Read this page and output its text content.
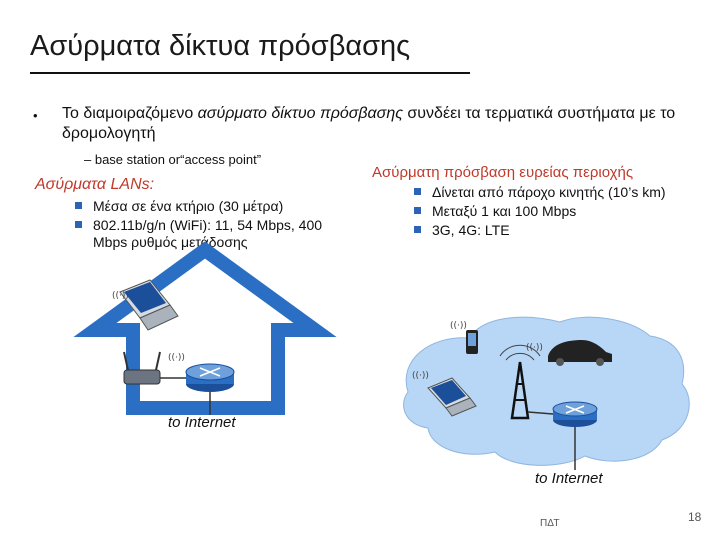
Ασύρματα δίκτυα πρόσβασης
• Το διαμοιραζόμενο ασύρματο δίκτυο πρόσβασης συνδέει τα τερματικά συστήματα με το δρομολογητή
– base station or“access point”
Ασύρματα LANs:
Μέσα σε ένα κτήριο (30 μέτρα)
802.11b/g/n (WiFi): 11, 54 Mbps, 400 Mbps ρυθμός μετάδοσης
Ασύρματη πρόσβαση ευρείας περιοχής
Δίνεται από πάροχο κινητής (10’s km)
Μεταξύ 1 και 100 Mbps
3G, 4G: LTE
((·))
((·))
((·))
((·))
((·))
to Internet
to Internet
ΠΔΤ	18
